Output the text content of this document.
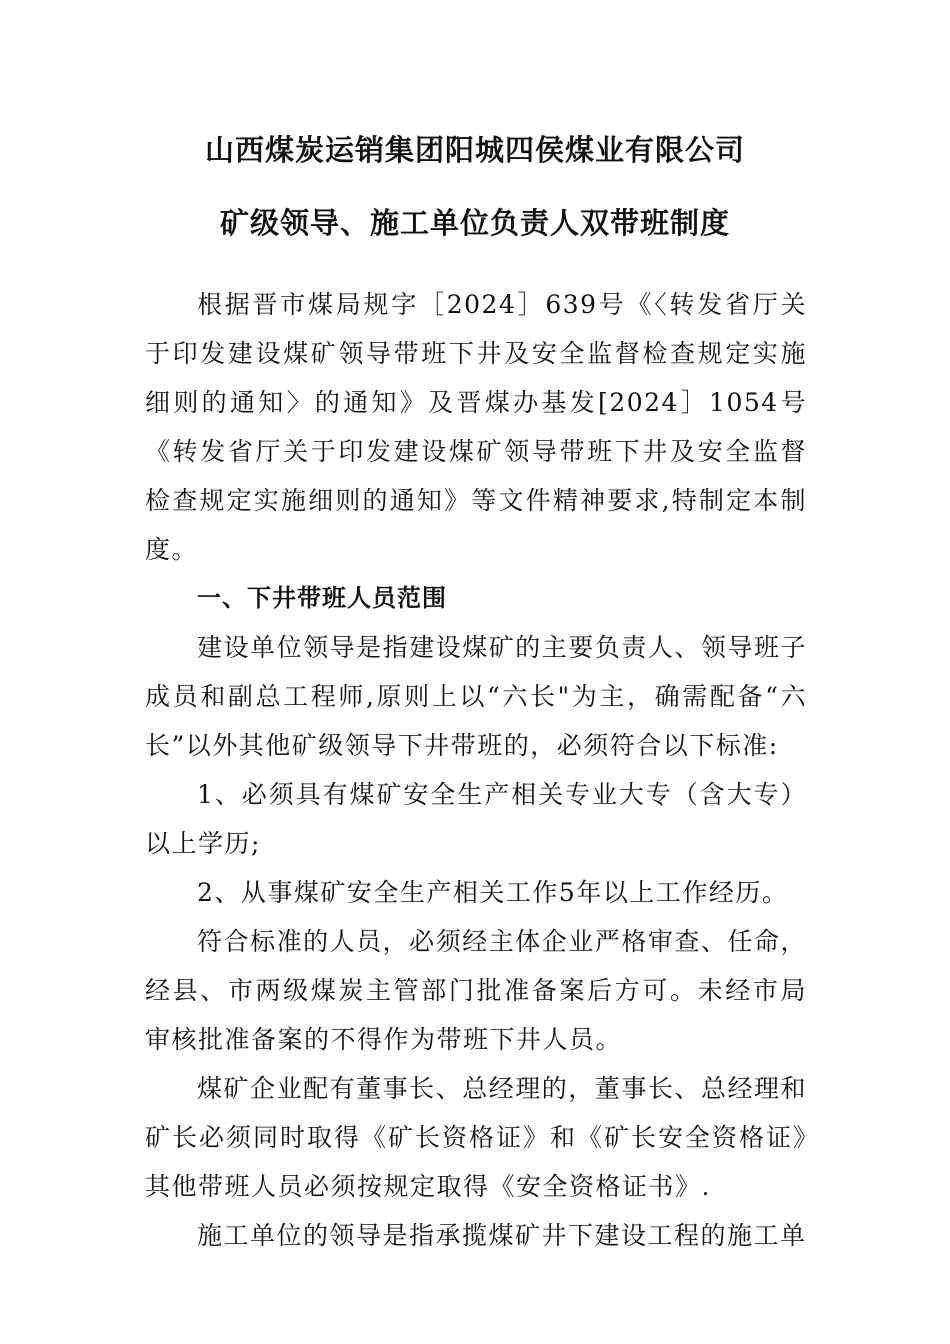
山西煤炭运销集团阳城四侯煤业有限公司
矿级领导、施工单位负责人双带班制度

根据晋市煤局规字［2024］639号《〈转发省厅关于印发建设煤矿领导带班下井及安全监督检查规定实施细则的通知〉的通知》及晋煤办基发[2024］1054号《转发省厅关于印发建设煤矿领导带班下井及安全监督检查规定实施细则的通知》等文件精神要求,特制定本制度。

一、下井带班人员范围

建设单位领导是指建设煤矿的主要负责人、领导班子成员和副总工程师,原则上以“六长"为主，确需配备“六长”以外其他矿级领导下井带班的，必须符合以下标准:

1、必须具有煤矿安全生产相关专业大专（含大专）以上学历;

2、从事煤矿安全生产相关工作5年以上工作经历。

符合标准的人员，必须经主体企业严格审查、任命，经县、市两级煤炭主管部门批准备案后方可。未经市局审核批准备案的不得作为带班下井人员。

煤矿企业配有董事长、总经理的，董事长、总经理和矿长必须同时取得《矿长资格证》和《矿长安全资格证》其他带班人员必须按规定取得《安全资格证书》.

施工单位的领导是指承揽煤矿井下建设工程的施工单
